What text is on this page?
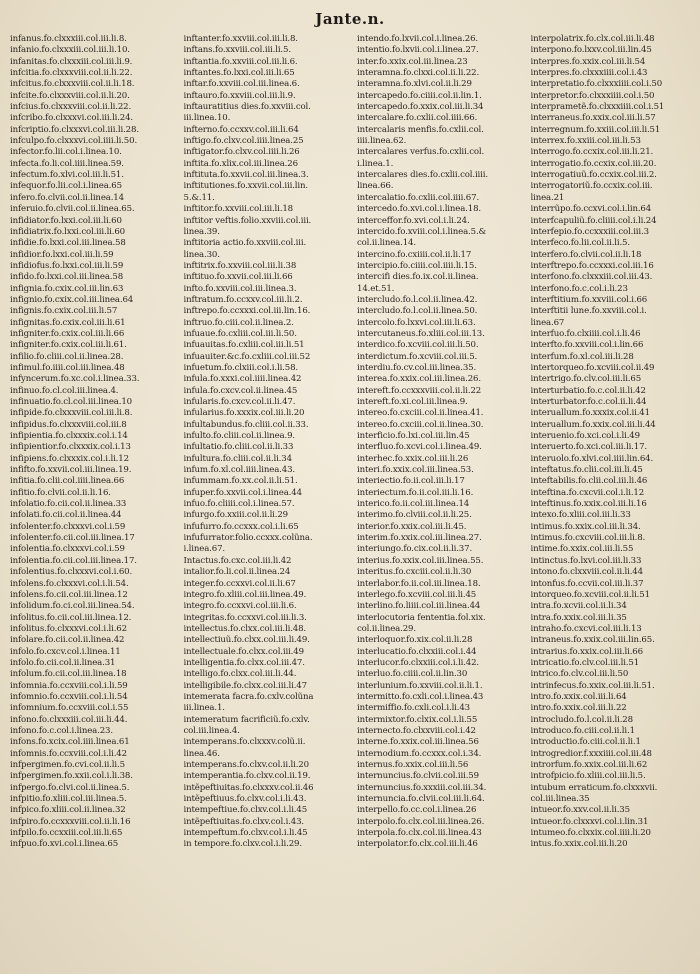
Jante.n.
infanus.fo.clxxxiii.col.iii.li.8.
infanio.fo.clxxxiii.col.iii.li.10.
infanitas.fo.clxxxiii.col.iii.li.9.
infcitia.fo.clxxxviii.col.ii.li.22.
infcitus.fo.clxxxviii.col.ii.li.18.
infcite.fo.clxxxviii.col.ii.li.20.
infcius.fo.clxxxviii.col.ii.li.22.
infcribo.fo.clxxxvi.col.iii.li.24.
infcriptio.fo.clxxxvi.col.iii.li.28.
infculpo.fo.clxxxvi.col.iiii.li.50.
infector.fo.lii.col.i.linea.10.
infecta.fo.li.col.iiii.linea.59.
infectum.fo.xlvi.col.iii.li.51.
infequor.fo.lii.col.i.linea.65
infero.fo.clvii.col.ii.linea.14
inferuio.fo.clvii.col.ii.linea.65.
infidiator.fo.lxxi.col.iii.li.60
infidiatrix.fo.lxxi.col.iii.li.60
infidie.fo.lxxi.col.iii.linea.58
infidior.fo.lxxi.col.iii.li.59
infidiofus.fo.lxxi.col.iii.li.59
infido.fo.lxxi.col.iii.linea.58
infignia.fo.cxix.col.iii.lin.63
infignio.fo.cxix.col.iii.linea.64
infignis.fo.cxix.col.iii.li.57
infignitas.fo.cxix.col.iii.li.61
infigniter.fo.cxix.col.iii.li.66
infigniter.fo.cxix.col.iii.li.61.
infilio.fo.cliii.col.ii.linea.28.
infimul.fo.iiii.col.iii.linea.48
infyncerum.fo.xc.col.i.linea.33.
infinuo.fo.cl.col.iii.linea.4.
infinuatio.fo.cl.col.iii.linea.10
infipide.fo.clxxxviii.col.iii.li.8.
infipidus.fo.clxxxviii.col.iii.8
infipientia.fo.clxxxix.col.i.14
infipientior.fo.clxxxix.col.i.13
infipiens.fo.clxxxix.col.i.li.12
infifto.fo.xxvii.col.iii.linea.19.
infitia.fo.clii.col.iiii.linea.66
infitio.fo.clvii.col.ii.li.16.
infolatio.fo.cii.col.ii.linea.33
infolati.fo.cii.col.ii.linea.44
infolenter.fo.clxxxvi.col.i.59
infolenter.fo.cii.col.iii.linea.17
infolentia.fo.clxxxvi.col.i.59
infolentia.fo.cii.col.iii.linea.17.
infolentius.fo.clxxxvi.col.i.60.
infolens.fo.clxxxvi.col.i.li.54.
infolens.fo.cii.col.iii.linea.12
infolidum.fo.ci.col.iii.linea.54.
infolitus.fo.cii.col.iii.linea.12.
infolitus.fo.clxxxvi.col.i.li.62
infolare.fo.cii.col.ii.linea.42
infolo.fo.cxcv.col.i.linea.11
infolo.fo.cii.col.ii.linea.31
infolum.fo.cii.col.iii.linea.18
infomnia.fo.ccxviii.col.i.li.59
infomnio.fo.ccxviii.col.i.li.54
infomnium.fo.ccxviii.col.i.55
infono.fo.clxxxiii.col.iii.li.44.
infono.fo.c.col.i.linea.23.
infons.fo.xcix.col.iiii.linea.61
infomnis.fo.ccxviii.col.i.li.42
infpergimen.fo.cvi.col.ii.li.5
infpergimen.fo.xxii.col.i.li.38.
infpergo.fo.clvi.col.ii.linea.5.
infpitio.fo.xliii.col.iii.linea.5.
infpico.fo.xliii.col.ii.linea.32
infpiro.fo.ccxxxviii.col.ii.li.16
infpilo.fo.ccxxiii.col.iii.li.65
infpuo.fo.xvi.col.i.linea.65
inftanter.fo.xxviii.col.iii.li.8.
inftans.fo.xxviii.col.iii.li.5.
inftantia.fo.xxviii.col.iii.li.6.
inftantes.fo.lxxi.col.iii.li.65
inftar.fo.xxviii.col.iii.linea.6.
inftauro.fo.xxviii.col.iii.li.9.
inftauratitius dies.fo.xxviii.col.
iii.linea.10.
infterno.fo.ccxxv.col.iii.li.64
inftigo.fo.clxv.col.iiii.linea.25
inftigator.fo.clxv.col.iiii.li.26
inftita.fo.xlix.col.iii.linea.26
inftituta.fo.xxvii.col.iii.linea.3.
inftitutiones.fo.xxvii.col.iii.lin.
5.&.11.
inftitor.fo.xxviii.col.iii.li.18
inftitor veftis.folio.xxviii.col.iii.
linea.39.
inftitoria actio.fo.xxviii.col.iii.
linea.30.
inftitrix.fo.xxviii.col.iii.li.38
inftituo.fo.xxvii.col.iii.li.66
infto.fo.xxviii.col.iii.linea.3.
inftratum.fo.ccxxv.col.iii.li.2.
inftrepo.fo.ccxxxi.col.iii.lin.16.
inftruo.fo.ciii.col.ii.linea.2.
infuaue.fo.cxliii.col.iii.li.50.
infuauitas.fo.cxliii.col.iii.li.51
infuauiter.&c.fo.cxliii.col.iii.52
infuetum.fo.clxiii.col.i.li.58.
infula.fo.xxxi.col.iiii.linea.42
infula.fo.cxcv.col.ii.linea.45
infularis.fo.cxcv.col.ii.li.47.
infularius.fo.xxxix.col.iii.li.20
infultabundus.fo.cliii.col.ii.33.
infulto.fo.cliii.col.ii.linea.9.
infultatio.fo.cliii.col.ii.li.33
infultura.fo.cliii.col.ii.li.34
infum.fo.xl.col.iiii.linea.43.
infummam.fo.xx.col.ii.li.51.
infuper.fo.xxvii.col.i.linea.44
infuo.fo.cliiii.col.i.linea.57.
infurgo.fo.xxiii.col.ii.li.29
infufurro.fo.ccxxx.col.i.li.65
infufurrator.folio.ccxxx.colũna.
i.linea.67.
Intactus.fo.cxc.col.iii.li.42
intalior.fo.li.col.ii.linea.24
integer.fo.ccxxvi.col.ii.li.67
integro.fo.xliii.col.iii.linea.49.
integro.fo.ccxxvi.col.iii.li.6.
integritas.fo.ccxxvi.col.iii.li.3.
intellectus.fo.clxx.col.iii.li.48.
intellectiuũ.fo.clxx.col.iii.li.49.
intellectuale.fo.clxx.col.iii.49
intelligentia.fo.clxx.col.iii.47.
intelligo.fo.clxx.col.iii.li.44.
intelligibile.fo.clxx.col.iii.li.47
intemerata facra.fo.cxlv.colũna
iii.linea.1.
intemeratum facrificiũ.fo.cxlv.
col.iii.linea.4.
intemperans.fo.clxxxv.colũ.ii.
linea.46.
intemperans.fo.clxv.col.ii.li.20
intemperantia.fo.clxv.col.ii.19.
intẽpeftiuitas.fo.clxxxv.col.ii.46
intẽpeftiuus.fo.clxv.col.i.li.43.
intempeftiue.fo.clxv.col.i.li.45
intẽpeftiuitas.fo.clxv.col.i.43.
intempeftum.fo.clxv.col.i.li.45
in tempore.fo.clxv.col.i.li.29.
intendo.fo.lxvii.col.i.linea.26.
intentio.fo.lxvii.col.i.linea.27.
inter.fo.xxix.col.iii.linea.23
interamna.fo.clxxi.col.ii.li.22.
interamna.fo.xlvi.col.ii.li.29
intercapedo.fo.ciiii.col.ii.lin.1.
intercapedo.fo.xxix.col.iii.li.34
intercalare.fo.cxlii.col.iiii.66.
intercalaris menfis.fo.cxlii.col.
iiii.linea.62.
intercalares verfus.fo.cxlii.col.
i.linea.1.
intercalares dies.fo.cxlii.col.iiii.
linea.66.
intercalatio.fo.cxlii.col.iiii.67.
intercedo.fo.xvi.col.i.linea.18.
interceffor.fo.xvi.col.i.li.24.
intercido.fo.xviii.col.i.linea.5.&
col.ii.linea.14.
intercino.fo.cxiiii.col.ii.li.17
intercipio.fo.ciiii.col.iiii.li.15.
intercifi dies.fo.ix.col.ii.linea.
14.et.51.
intercludo.fo.l.col.ii.linea.42.
intercludo.fo.l.col.ii.linea.50.
intercolo.fo.lxxvi.col.iii.li.63.
intercutaneus.fo.xliii.col.iii.13.
interdico.fo.xcviii.col.iii.li.50.
interdictum.fo.xcviii.col.iii.5.
interdiu.fo.cv.col.iii.linea.35.
interea.fo.xxix.col.iii.linea.26.
intereft.fo.ccxxxviii.col.ii.li.22
intereft.fo.xi.col.iii.linea.9.
intereo.fo.cxciii.col.ii.linea.41.
intereo.fo.cxciii.col.ii.linea.30.
interficio.fo.lxi.col.iii.lin.45
interfluo.fo.xcvi.col.i.linea.49.
interhec.fo.xxix.col.iii.li.26
interi.fo.xxix.col.iii.linea.53.
interiectio.fo.ii.col.iii.li.17
interiectum.fo.ii.col.iii.li.16.
interico.fo.ii.col.iii.linea.14
interimo.fo.clviii.col.ii.li.25.
interior.fo.xxix.col.iii.li.45.
interim.fo.xxix.col.iii.linea.27.
interiungo.fo.cix.col.ii.li.37.
interius.fo.xxix.col.iii.linea.55.
interitus.fo.cxciii.col.ii.li.30
interlabor.fo.ii.col.iii.linea.18.
interlego.fo.xcviii.col.iii.li.45
interlino.fo.liiii.col.iii.linea.44
interlocutoria fententia.fol.xix.
col.ii.linea.29.
interloquor.fo.xix.col.ii.li.28
interlucatio.fo.clxxiii.col.i.44
interlucor.fo.clxxiii.col.i.li.42.
interluo.fo.ciiii.col.ii.lin.30
interlunium.fo.xxviii.col.ii.li.1.
intermitto.fo.cxli.col.i.linea.43
intermiffio.fo.cxli.col.i.li.43
intermixtor.fo.clxix.col.i.li.55
internecto.fo.clxxviii.col.i.42
interne.fo.xxix.col.iii.linea.56
internodium.fo.ccxxx.col.i.34.
internus.fo.xxix.col.iii.li.56
internuncius.fo.clvii.col.iii.59
internuncius.fo.xxxiii.col.iii.34.
internuncia.fo.clvii.col.iii.li.64.
interpello.fo.cc.col.i.linea.26
interpolo.fo.clx.col.iii.linea.26.
interpola.fo.clx.col.iii.linea.43
interpolator.fo.clx.col.iii.li.46
interpolatrix.fo.clx.col.iii.li.48
interpono.fo.lxxv.col.iii.lin.45
interpres.fo.xxix.col.iii.li.54
interpres.fo.clxxxiiii.col.i.43
interpretatio.fo.clxxxiiii.col.i.50
interpretor.fo.clxxxiiii.col.i.50
interprametẽ.fo.clxxxiiii.col.i.51
interraneus.fo.xxix.col.iii.li.57
interregnum.fo.xxiii.col.iii.li.51
interrex.fo.xxiii.col.iii.li.53
interrogo.fo.ccxix.col.iii.li.21.
interrogatio.fo.ccxix.col.iii.20.
interrogatiuũ.fo.ccxix.col.iii.2.
interrogatoriũ.fo.ccxix.col.iii.
linea.21
interrũpo.fo.ccxvi.col.i.lin.64
interfcapuliũ.fo.cliiii.col.i.li.24
interfepio.fo.ccxxxiii.col.iii.3
interfeco.fo.lii.col.ii.li.5.
interfero.fo.clvii.col.ii.li.18
interftrepo.fo.ccxxxi.col.iii.16
interfono.fo.clxxxiii.col.iii.43.
interfono.fo.c.col.i.li.23
interftitium.fo.xxviii.col.i.66
interftitii lune.fo.xxviii.col.i.
linea.67
interfuo.fo.clxiiii.col.i.li.46
interfto.fo.xxviii.col.i.lin.66
interfum.fo.xl.col.iii.li.28
intertorqueo.fo.xcviii.col.ii.49
intertrigo.fo.clv.col.iii.li.65
interturbatio.fo.c.col.ii.li.42
interturbator.fo.c.col.ii.li.44
interuallum.fo.xxxix.col.ii.41
interuallum.fo.xxix.col.iii.li.44
interuenio.fo.xci.col.i.li.49
interuerto.fo.xci.col.iii.li.17.
interuolo.fo.xlvi.col.iiii.lin.64.
inteftatus.fo.clii.col.iii.li.45
inteftabilis.fo.clii.col.iii.li.46
inteftina.fo.cxcvii.col.i.li.12
inteftinus.fo.xxix.col.iii.li.16
intexo.fo.xliii.col.iii.li.33
intimus.fo.xxix.col.iii.li.34.
intimus.fo.cxcviii.col.iii.li.8.
intime.fo.xxix.col.iii.li.55
intinctus.fo.lxvi.col.iii.li.33
intono.fo.clxxviii.col.ii.li.44
intonfus.fo.ccvii.col.iii.li.37
intorqueo.fo.xcviii.col.ii.li.51
intra.fo.xcvii.col.ii.li.34
intra.fo.xxix.col.iii.li.35
intraho.fo.cxcvi.col.iii.li.13
intraneus.fo.xxix.col.iii.lin.65.
intrarius.fo.xxix.col.iii.li.66
intricatio.fo.clv.col.iii.li.51
intrico.fo.clv.col.iii.li.50
intrinfecus.fo.xxix.col.iii.li.51.
intro.fo.xxix.col.iii.li.64
intro.fo.xxix.col.iii.li.22
introcludo.fo.l.col.ii.li.28
introduco.fo.ciii.col.ii.li.1
introductio.fo.ciii.col.ii.li.1
introgredior.f.xxxiiii.col.iii.48
introrfum.fo.xxix.col.iii.li.62
introfpicio.fo.xliii.col.iii.li.5.
intubum erraticum.fo.clxxxvii.
col.iii.linea.35
intueor.fo.xxv.col.ii.li.35
intueor.fo.clxxxvi.col.i.lin.31
intumeo.fo.clxxix.col.iiii.li.20
intus.fo.xxix.col.iii.li.20
